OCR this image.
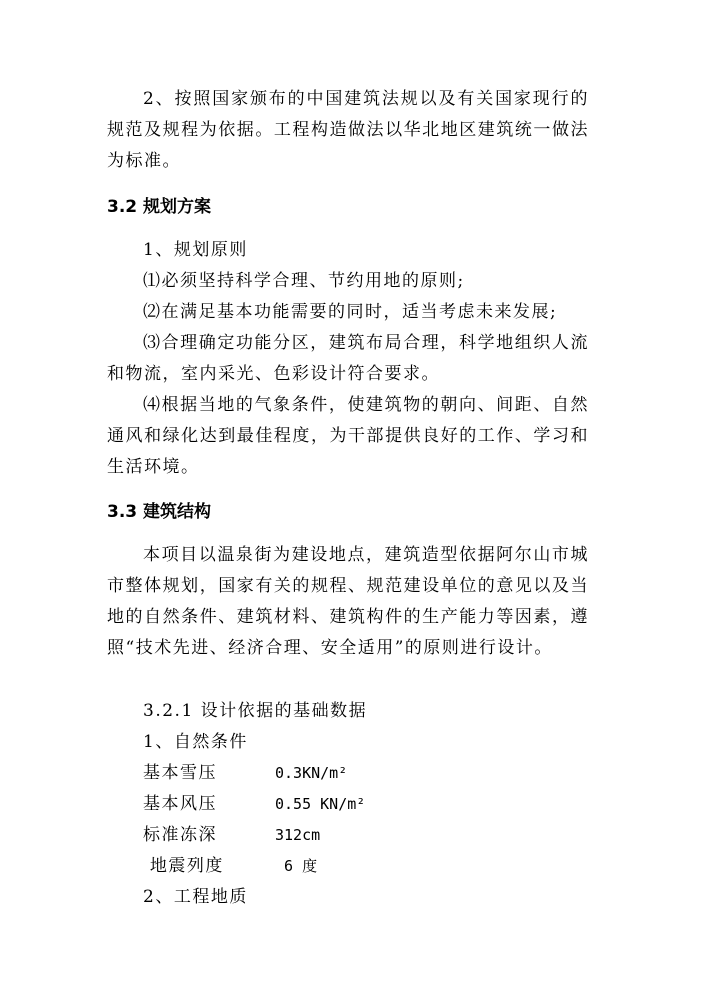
2、按照国家颁布的中国建筑法规以及有关国家现行的规范及规程为依据。工程构造做法以华北地区建筑统一做法为标准。

3.2 规划方案

1、规划原则

⑴必须坚持科学合理、节约用地的原则;

⑵在满足基本功能需要的同时，适当考虑未来发展;

⑶合理确定功能分区，建筑布局合理，科学地组织人流和物流，室内采光、色彩设计符合要求。

⑷根据当地的气象条件，使建筑物的朝向、间距、自然通风和绿化达到最佳程度，为干部提供良好的工作、学习和生活环境。

3.3 建筑结构

本项目以温泉街为建设地点，建筑造型依据阿尔山市城市整体规划，国家有关的规程、规范建设单位的意见以及当地的自然条件、建筑材料、建筑构件的生产能力等因素，遵照“技术先进、经济合理、安全适用”的原则进行设计。

3.2.1 设计依据的基础数据

1、自然条件

基本雪压	0.3KN/m²
基本风压	0.55 KN/m²
标准冻深	312cm
地震列度	6 度

2、工程地质
